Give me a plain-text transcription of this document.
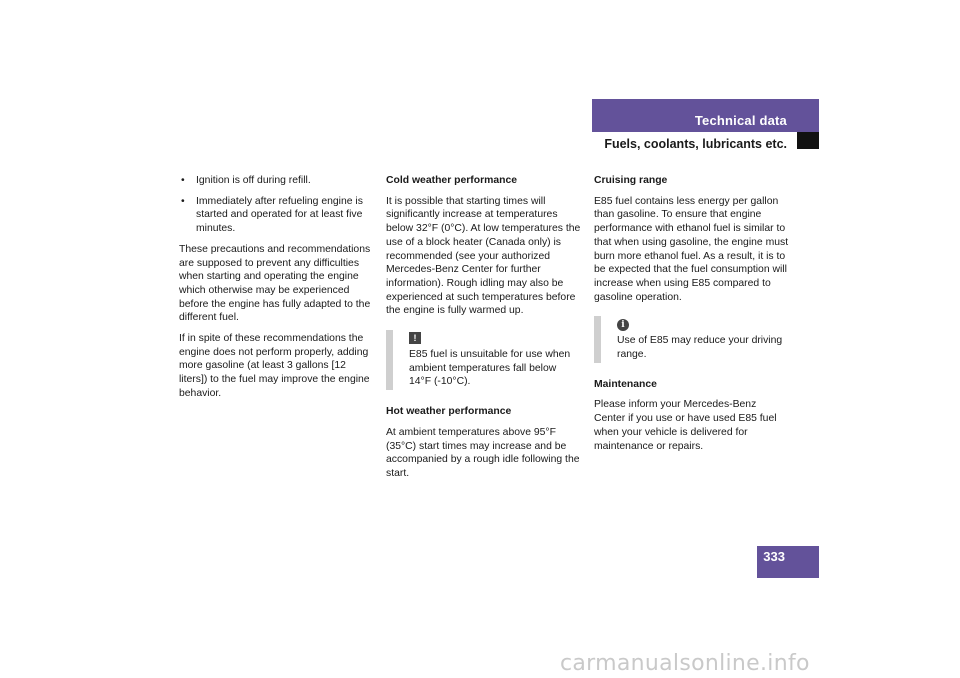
Technical data
Fuels, coolants, lubricants etc.
• Ignition is off during refill.
• Immediately after refueling engine is started and operated for at least five minutes.

These precautions and recommendations are supposed to prevent any difficulties when starting and operating the engine which otherwise may be experienced before the engine has fully adapted to the different fuel.

If in spite of these recommendations the engine does not perform properly, adding more gasoline (at least 3 gallons [12 liters]) to the fuel may improve the engine behavior.

Cold weather performance

It is possible that starting times will significantly increase at temperatures below 32°F (0°C). At low temperatures the use of a block heater (Canada only) is recommended (see your authorized Mercedes-Benz Center for further information). Rough idling may also be experienced at such temperatures before the engine is fully warmed up.

!
E85 fuel is unsuitable for use when ambient temperatures fall below 14°F (-10°C).
Hot weather performance

At ambient temperatures above 95°F (35°C) start times may increase and be accompanied by a rough idle following the start.

Cruising range

E85 fuel contains less energy per gallon than gasoline. To ensure that engine performance with ethanol fuel is similar to that when using gasoline, the engine must burn more ethanol fuel. As a result, it is to be expected that the fuel consumption will increase when using E85 compared to gasoline operation.

i
Use of E85 may reduce your driving range.
Maintenance

Please inform your Mercedes-Benz Center if you use or have used E85 fuel when your vehicle is delivered for maintenance or repairs.

333
carmanualsonline.info
